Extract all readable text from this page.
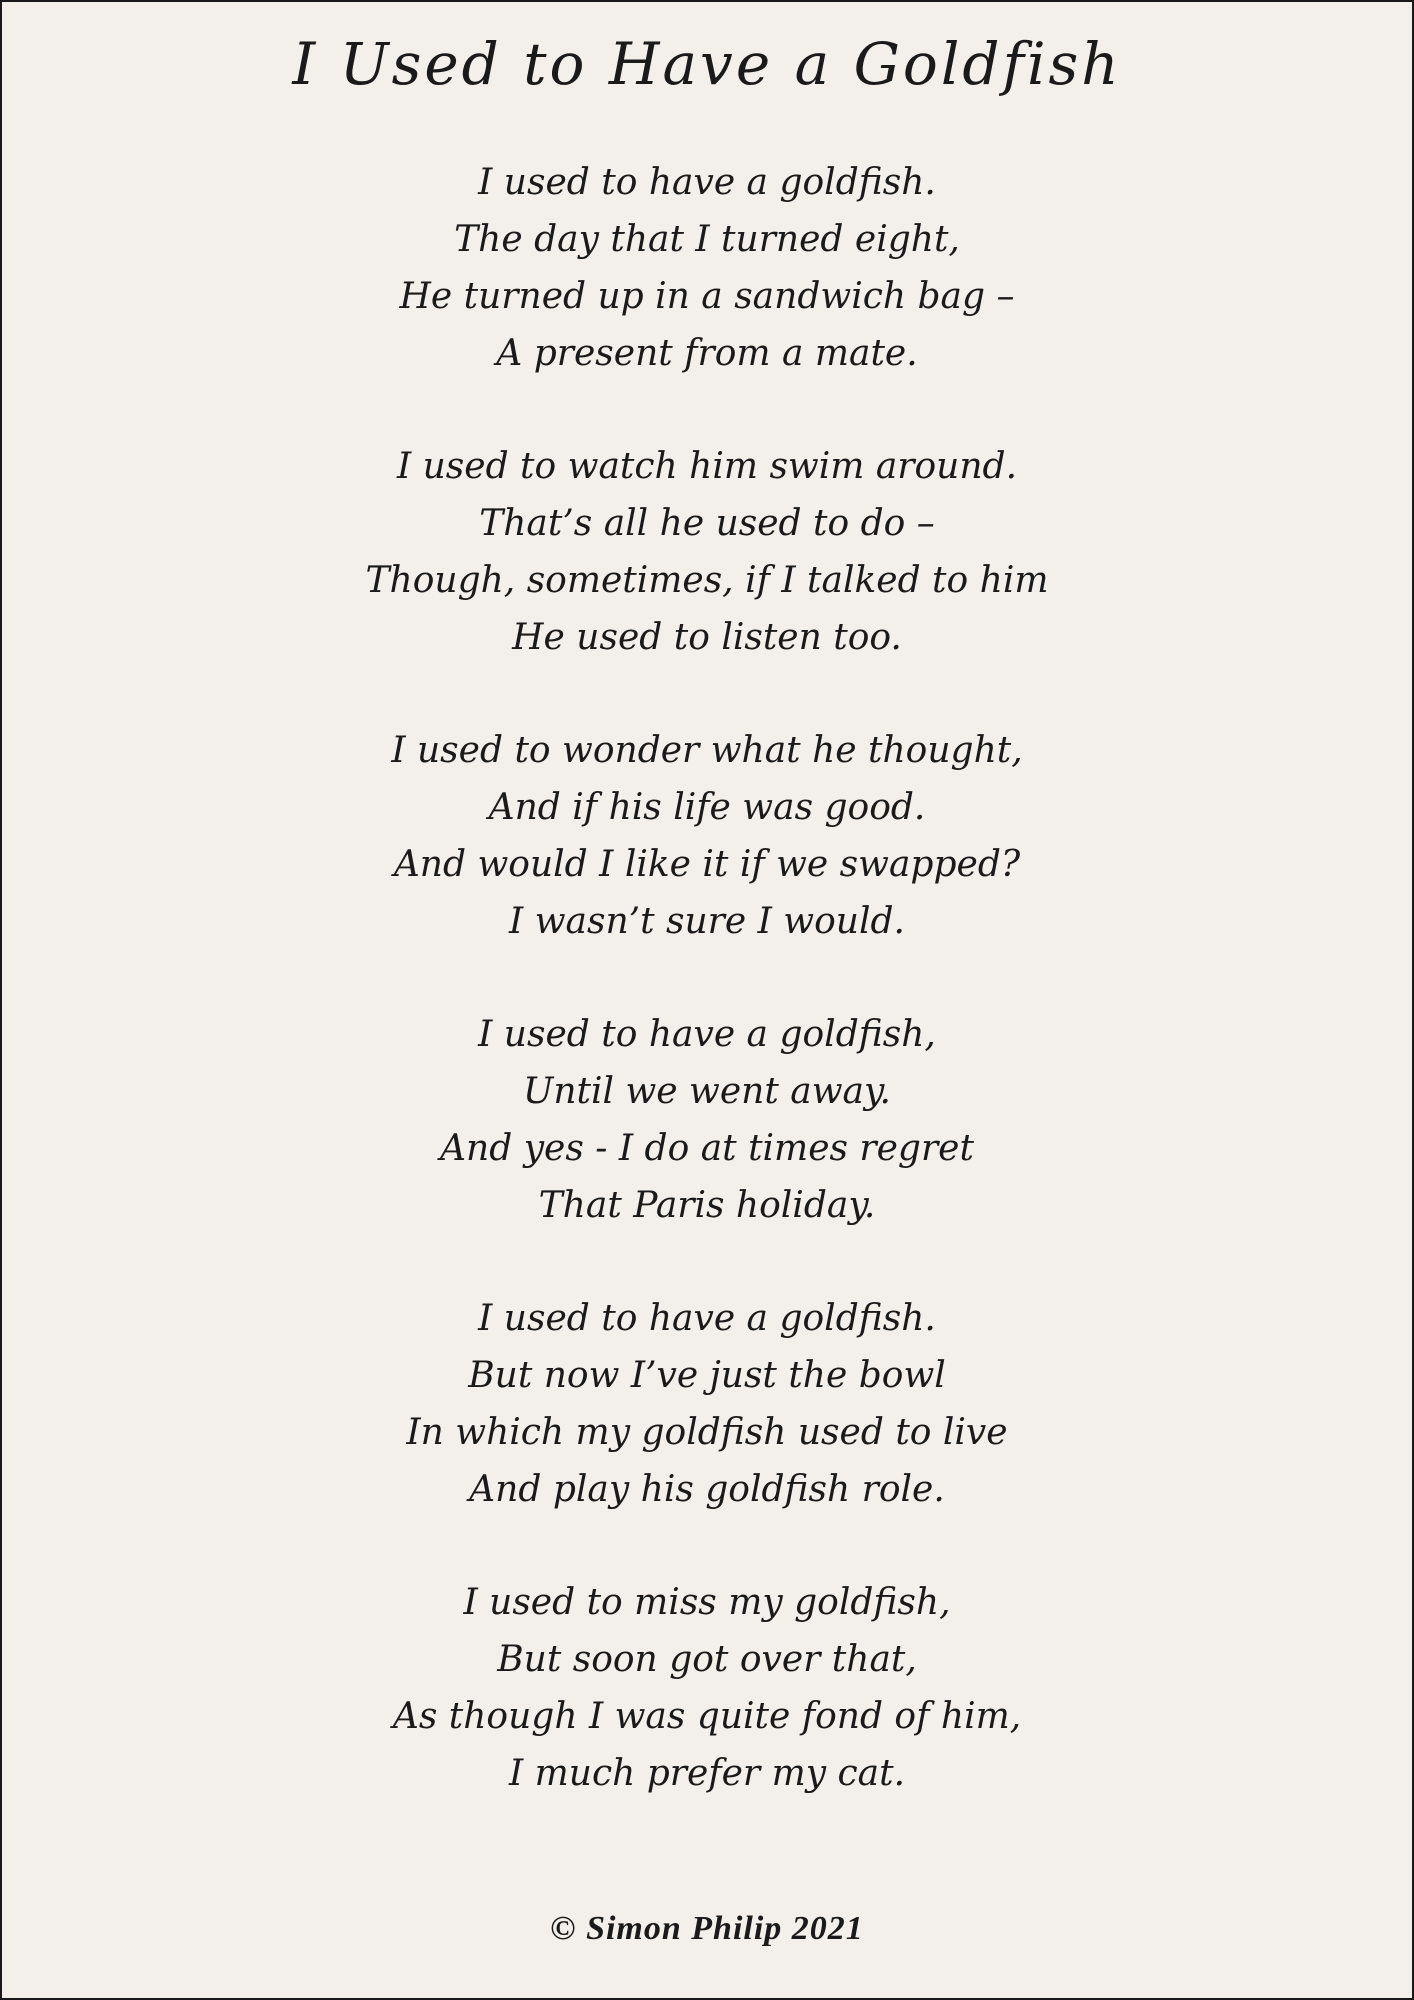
I Used to Have a Goldfish
I used to have a goldfish.
The day that I turned eight,
He turned up in a sandwich bag –
A present from a mate.
I used to watch him swim around.
That’s all he used to do –
Though, sometimes, if I talked to him
He used to listen too.
I used to wonder what he thought,
And if his life was good.
And would I like it if we swapped?
I wasn’t sure I would.
I used to have a goldfish,
Until we went away.
And yes - I do at times regret
That Paris holiday.
I used to have a goldfish.
But now I’ve just the bowl
In which my goldfish used to live
And play his goldfish role.
I used to miss my goldfish,
But soon got over that,
As though I was quite fond of him,
I much prefer my cat.
© Simon Philip 2021
